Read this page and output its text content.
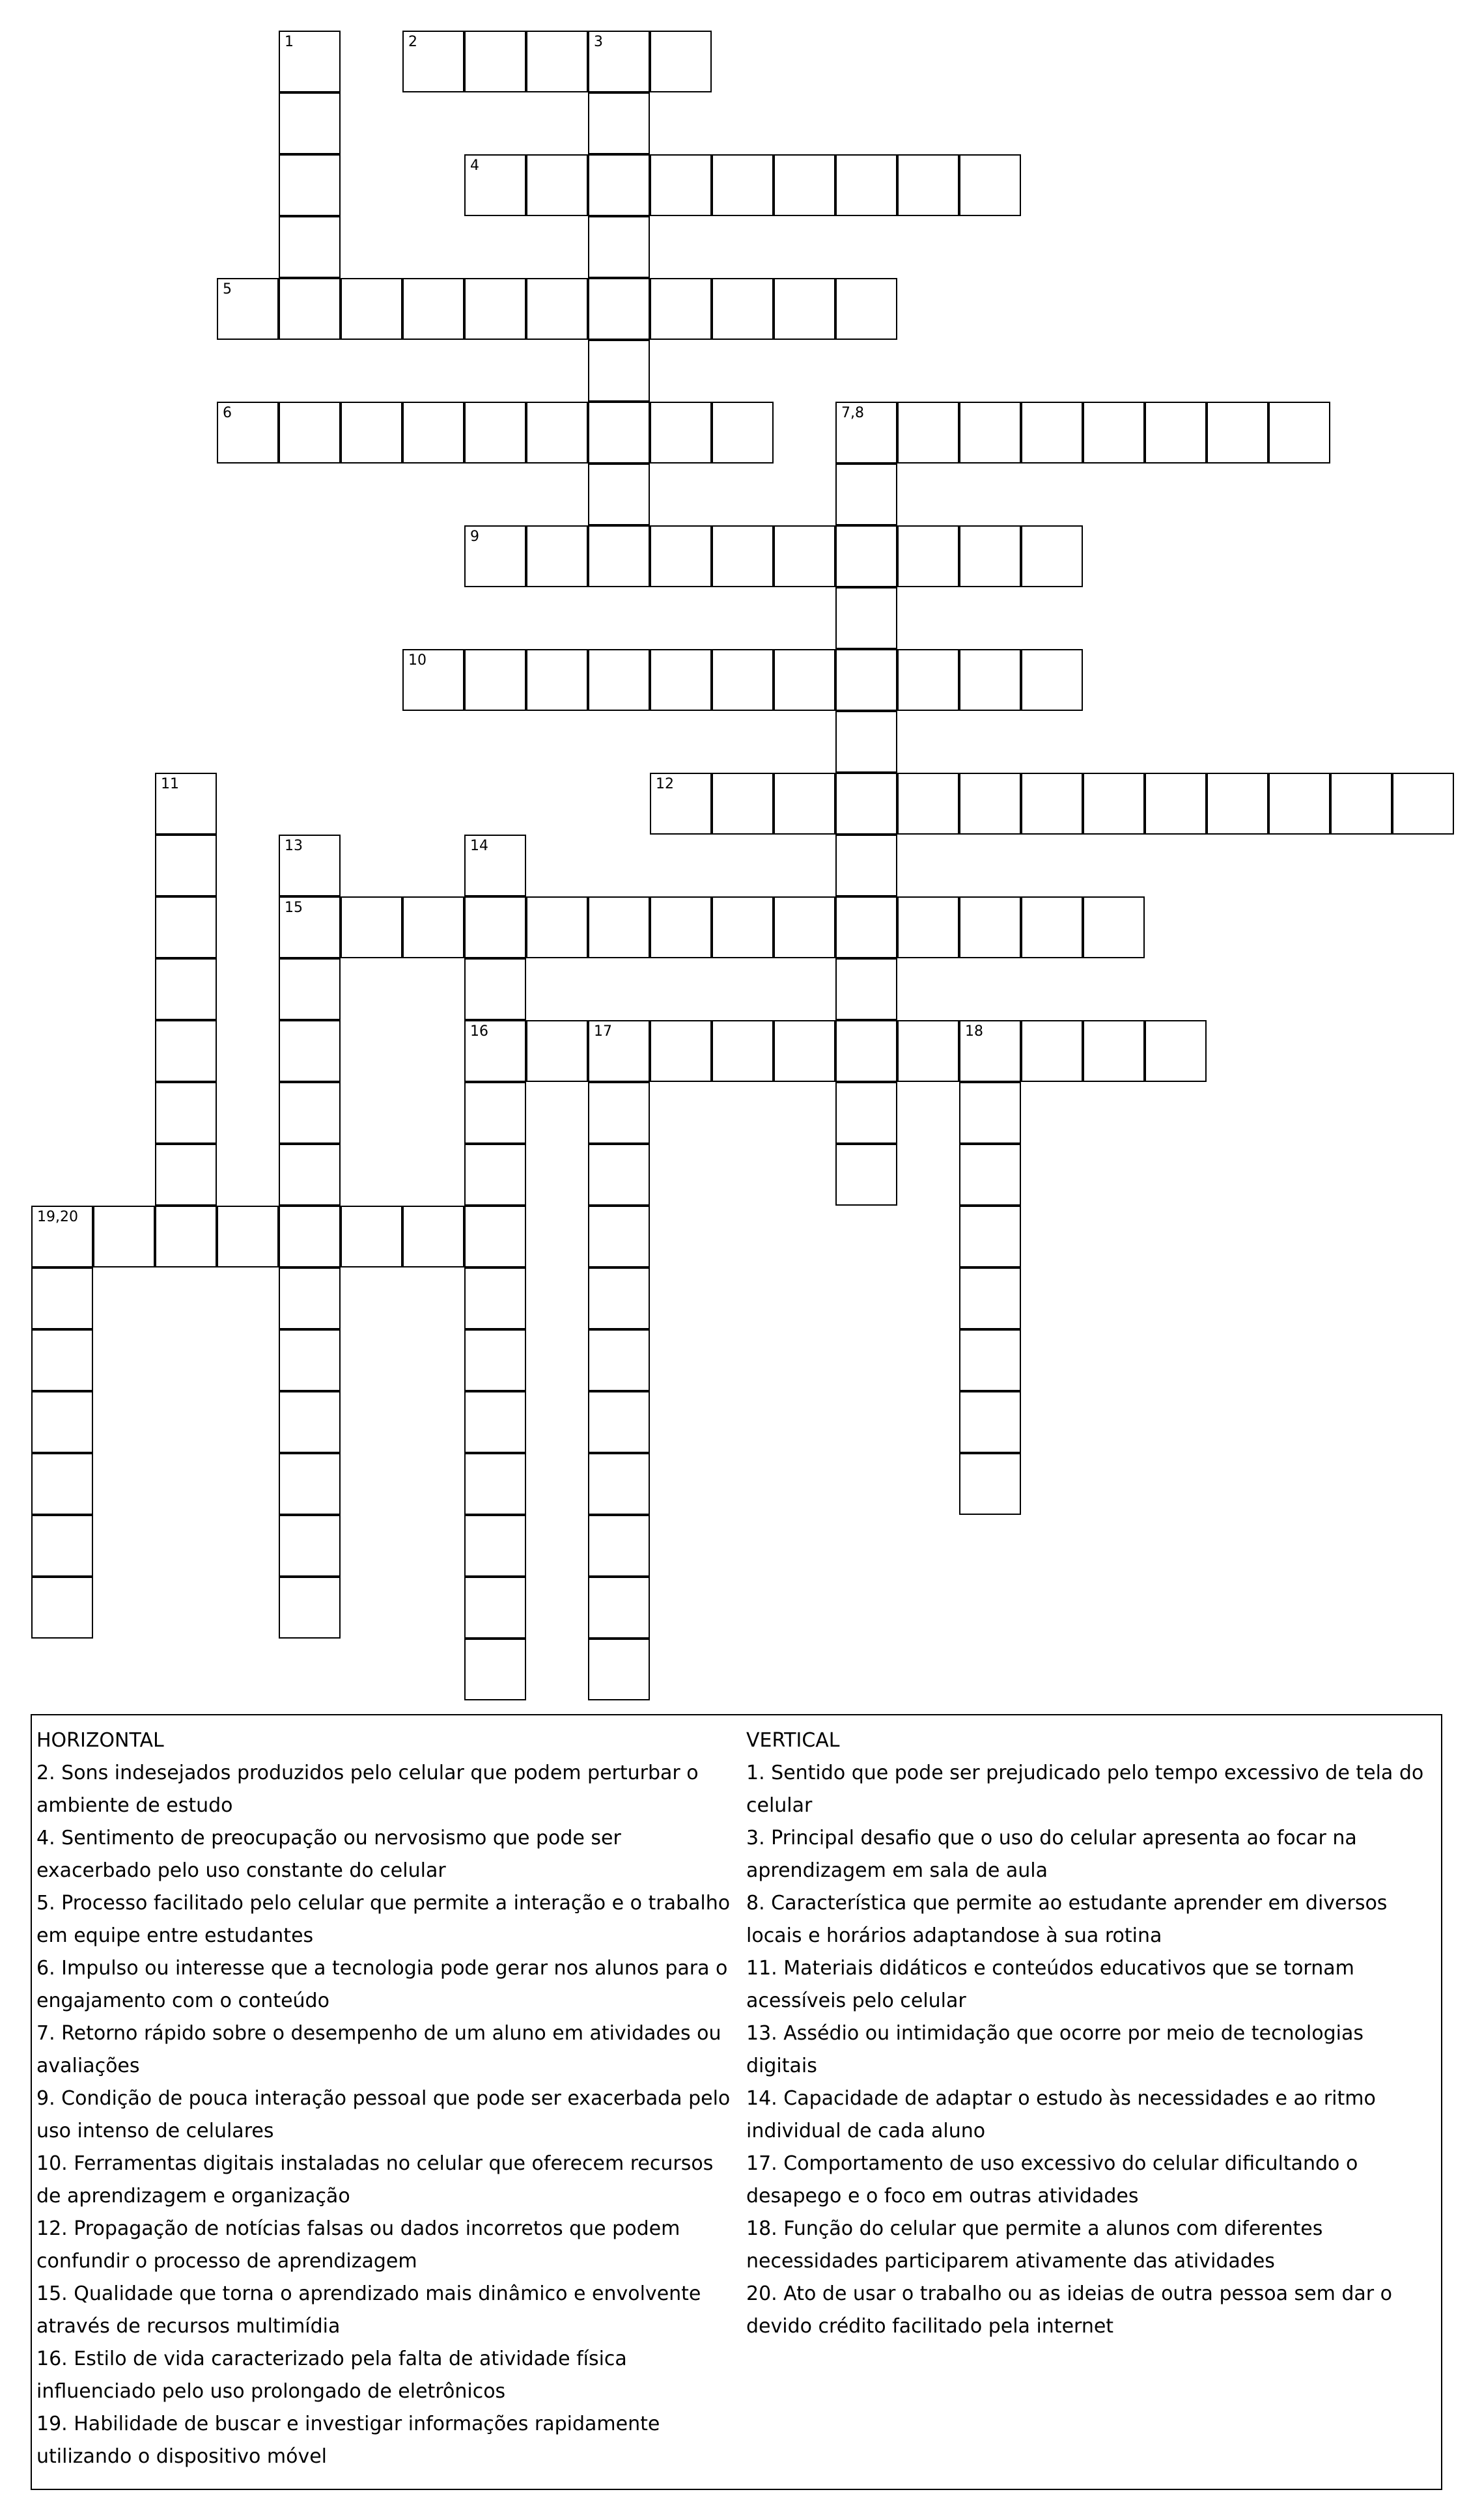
1	2	3
4
5
6	7,8
9
10
11	12
13
15
14
16	17	18
19,20
HORIZONTAL
2. Sons indesejados produzidos pelo celular que podem perturbar o ambiente de estudo
4. Sentimento de preocupação ou nervosismo que pode ser exacerbado pelo uso constante do celular
5. Processo facilitado pelo celular que permite a interação e o trabalho em equipe entre estudantes
6. Impulso ou interesse que a tecnologia pode gerar nos alunos para o engajamento com o conteúdo
7. Retorno rápido sobre o desempenho de um aluno em atividades ou avaliações
9. Condição de pouca interação pessoal que pode ser exacerbada pelo uso intenso de celulares
10. Ferramentas digitais instaladas no celular que oferecem recursos de aprendizagem e organização
12. Propagação de notícias falsas ou dados incorretos que podem confundir o processo de aprendizagem
15. Qualidade que torna o aprendizado mais dinâmico e envolvente através de recursos multimídia
16. Estilo de vida caracterizado pela falta de atividade física influenciado pelo uso prolongado de eletrônicos
19. Habilidade de buscar e investigar informações rapidamente utilizando o dispositivo móvel
VERTICAL
1. Sentido que pode ser prejudicado pelo tempo excessivo de tela do celular
3. Principal desafio que o uso do celular apresenta ao focar na aprendizagem em sala de aula
8. Característica que permite ao estudante aprender em diversos locais e horários adaptandose à sua rotina
11. Materiais didáticos e conteúdos educativos que se tornam acessíveis pelo celular
13. Assédio ou intimidação que ocorre por meio de tecnologias digitais
14. Capacidade de adaptar o estudo às necessidades e ao ritmo individual de cada aluno
17. Comportamento de uso excessivo do celular dificultando o desapego e o foco em outras atividades
18. Função do celular que permite a alunos com diferentes necessidades participarem ativamente das atividades
20. Ato de usar o trabalho ou as ideias de outra pessoa sem dar o devido crédito facilitado pela internet
